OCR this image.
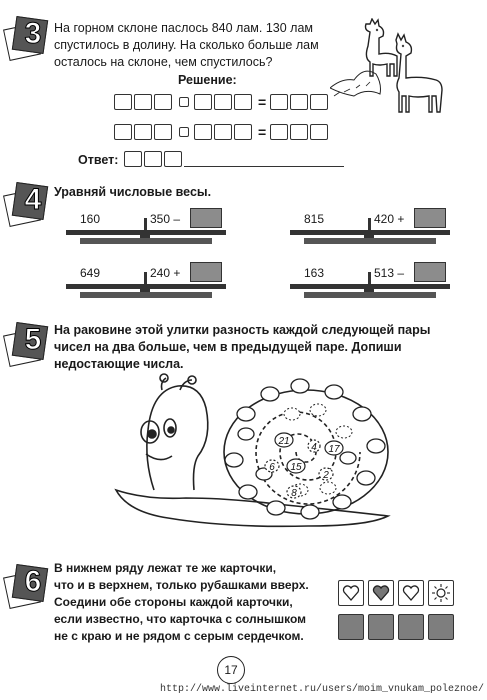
3	На горном склоне паслось 840 лам. 130 лам
спустилось в долину. На сколько больше лам
осталось на склоне, чем спустилось?
Решение:
=
=
Ответ:
4	Уравняй числовые весы.
160	350 –	815	420 +
649	240 +	163	513 –
5	На раковине этой улитки разность каждой следующей пары
чисел на два больше, чем в предыдущей паре. Допиши
недостающие числа.
21
4 17
6 15
2
8
6	В нижнем ряду лежат те же карточки,
что и в верхнем, только рубашками вверх.
Соедини обе стороны каждой карточки,
если известно, что карточка с солнышком
не с краю и не рядом с серым сердечком.
17
http://www.liveinternet.ru/users/moim_vnukam_poleznoe/
